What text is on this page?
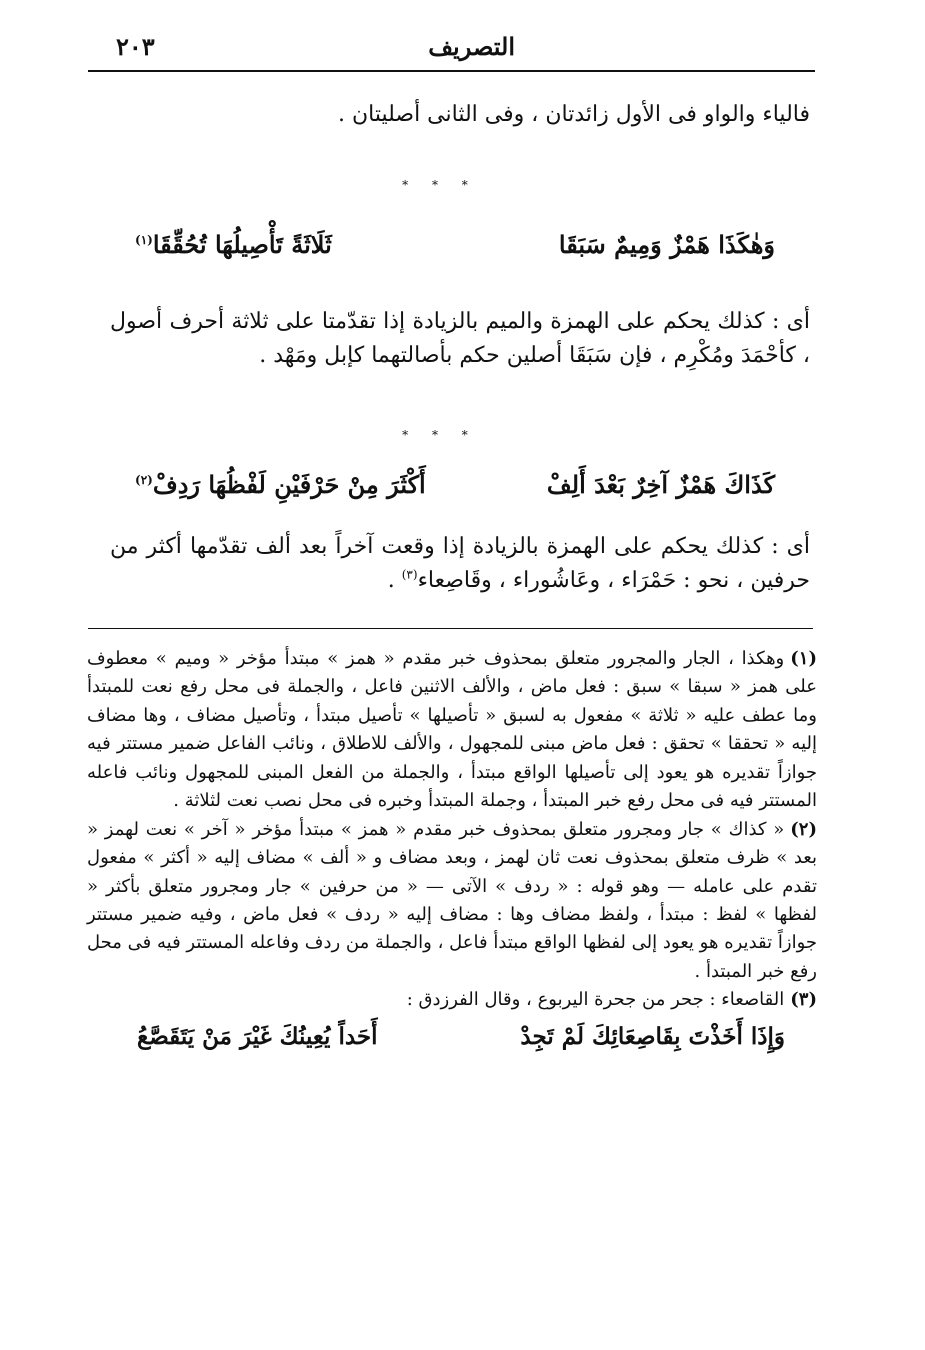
التصريف
٢٠٣
فالياء والواو فى الأول زائدتان ، وفى الثانى أصليتان .
* * *
وَهٰكَذَا هَمْزٌ وَمِيمٌ سَبَقَا
ثَلَاثَةً تَأْصِيلُهَا تُحُقِّقَا$^{(١)}$
أى : كذلك يحكم على الهمزة والميم بالزيادة إذا تقدّمتا على ثلاثة أحرف أصول ، كأحْمَدَ ومُكْرِم ، فإن سَبَقَا أصلين حكم بأصالتهما كإبل ومَهْد .
* * *
كَذَاكَ هَمْزٌ آخِرٌ بَعْدَ أَلِفْ
أَكْثَرَ مِنْ حَرْفَيْنِ لَفْظُهَا رَدِفْ$^{(٢)}$
أى : كذلك يحكم على الهمزة بالزيادة إذا وقعت آخراً بعد ألف تقدّمها أكثر من حرفين ، نحو : حَمْرَاء ، وعَاشُوراء ، وقَاصِعاء$^{(٣)}$ .

(١)وهكذا ، الجار والمجرور متعلق بمحذوف خبر مقدم « همز » مبتدأ مؤخر « وميم » معطوف على همز « سبقا » سبق : فعل ماض ، والألف الاثنين فاعل ، والجملة فى محل رفع نعت للمبتدأ وما عطف عليه « ثلاثة » مفعول به لسبق « تأصيلها » تأصيل مبتدأ ، وتأصيل مضاف ، وها مضاف إليه « تحققا » تحقق : فعل ماض مبنى للمجهول ، والألف للاطلاق ، ونائب الفاعل ضمير مستتر فيه جوازاً تقديره هو يعود إلى تأصيلها الواقع مبتدأ ، والجملة من الفعل المبنى للمجهول ونائب فاعله المستتر فيه فى محل رفع خبر المبتدأ ، وجملة المبتدأ وخبره فى محل نصب نعت لثلاثة .

(٢)« كذاك » جار ومجرور متعلق بمحذوف خبر مقدم « همز » مبتدأ مؤخر « آخر » نعت لهمز « بعد » ظرف متعلق بمحذوف نعت ثان لهمز ، وبعد مضاف و « ألف » مضاف إليه « أكثر » مفعول تقدم على عامله — وهو قوله : « ردف » الآتى — « من حرفين » جار ومجرور متعلق بأكثر « لفظها » لفظ : مبتدأ ، ولفظ مضاف وها : مضاف إليه « ردف » فعل ماض ، وفيه ضمير مستتر جوازاً تقديره هو يعود إلى لفظها الواقع مبتدأ فاعل ، والجملة من ردف وفاعله المستتر فيه فى محل رفع خبر المبتدأ .

(٣)القاصعاء : جحر من جحرة اليربوع ، وقال الفرزدق :

وَإِذَا أَخَذْتَ بِقَاصِعَائِكَ لَمْ تَجِدْ
أَحَداً يُعِينُكَ غَيْرَ مَنْ يَتَقَصَّعُ
